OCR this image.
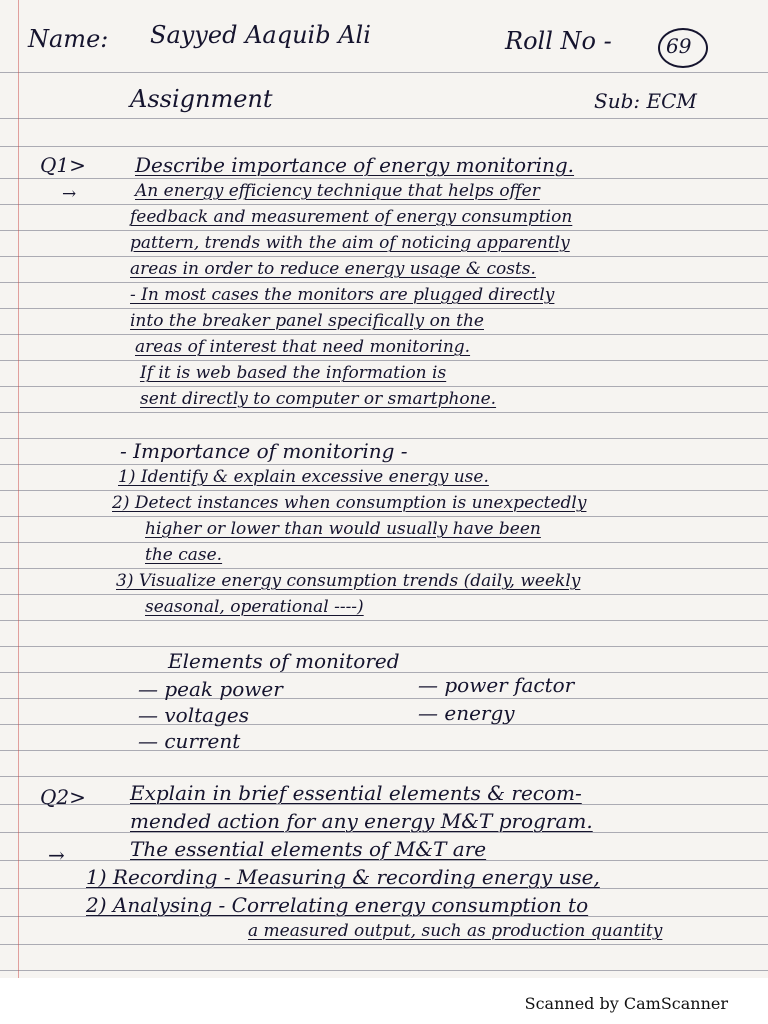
Name: Sayyed Aaquib Ali	Roll No -	69
Assignment	Sub: ECM
Q1> Describe importance of energy monitoring.
→	An energy efficiency technique that helps offer
feedback and measurement of energy consumption
pattern, trends with the aim of noticing apparently
areas in order to reduce energy usage & costs.
- In most cases the monitors are plugged directly
into the breaker panel specifically on the
areas of interest that need monitoring.
If it is web based the information is
sent directly to computer or smartphone.
- Importance of monitoring -
1) Identify & explain excessive energy use.
2) Detect instances when consumption is unexpectedly
higher or lower than would usually have been
the case.
3) Visualize energy consumption trends (daily, weekly
seasonal, operational ----)
Elements of monitored
— peak power
— voltages
— current
— power factor
— energy
Q2> Explain in brief essential elements & recom-
mended action for any energy M&T program.
→	The essential elements of M&T are
1) Recording - Measuring & recording energy use,
2) Analysing - Correlating energy consumption to
a measured output, such as production quantity
Scanned by CamScanner
